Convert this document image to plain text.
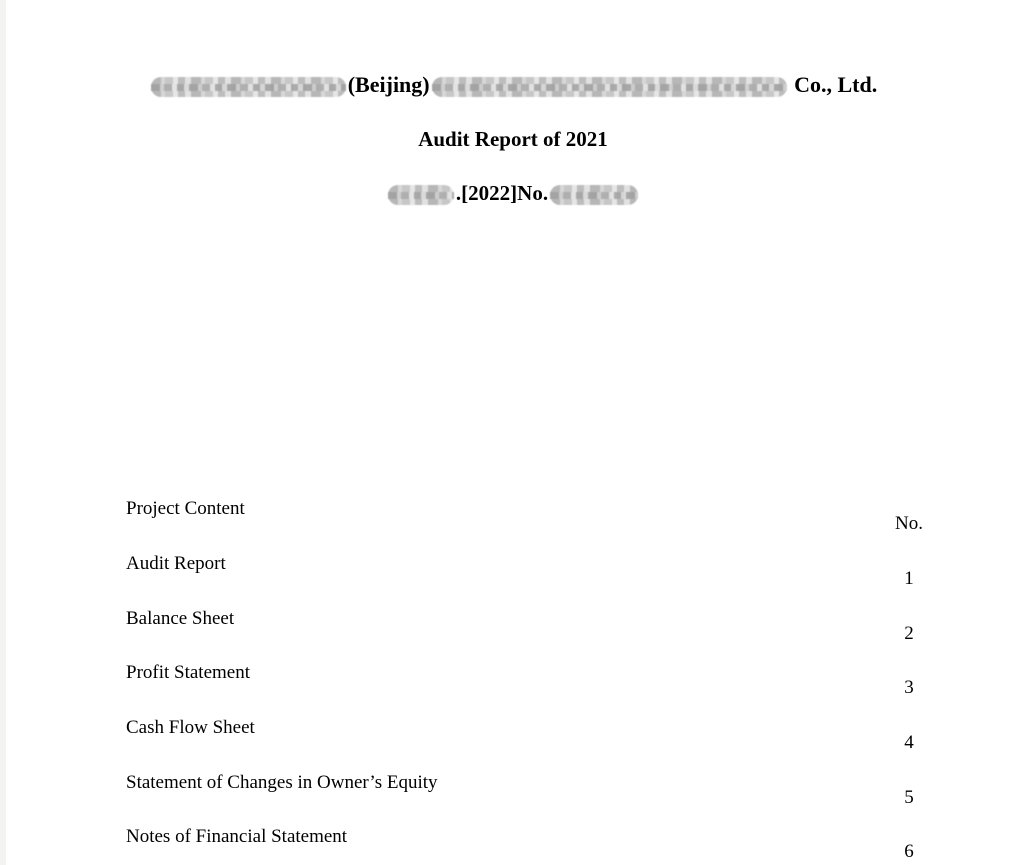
(Beijing)	Co., Ltd.
Audit Report of 2021
.[2022]No.
Project Content
No.
Audit Report
1
Balance Sheet
2
Profit Statement
3
Cash Flow Sheet
4
Statement of Changes in Owner’s Equity
5
Notes of Financial Statement
6
